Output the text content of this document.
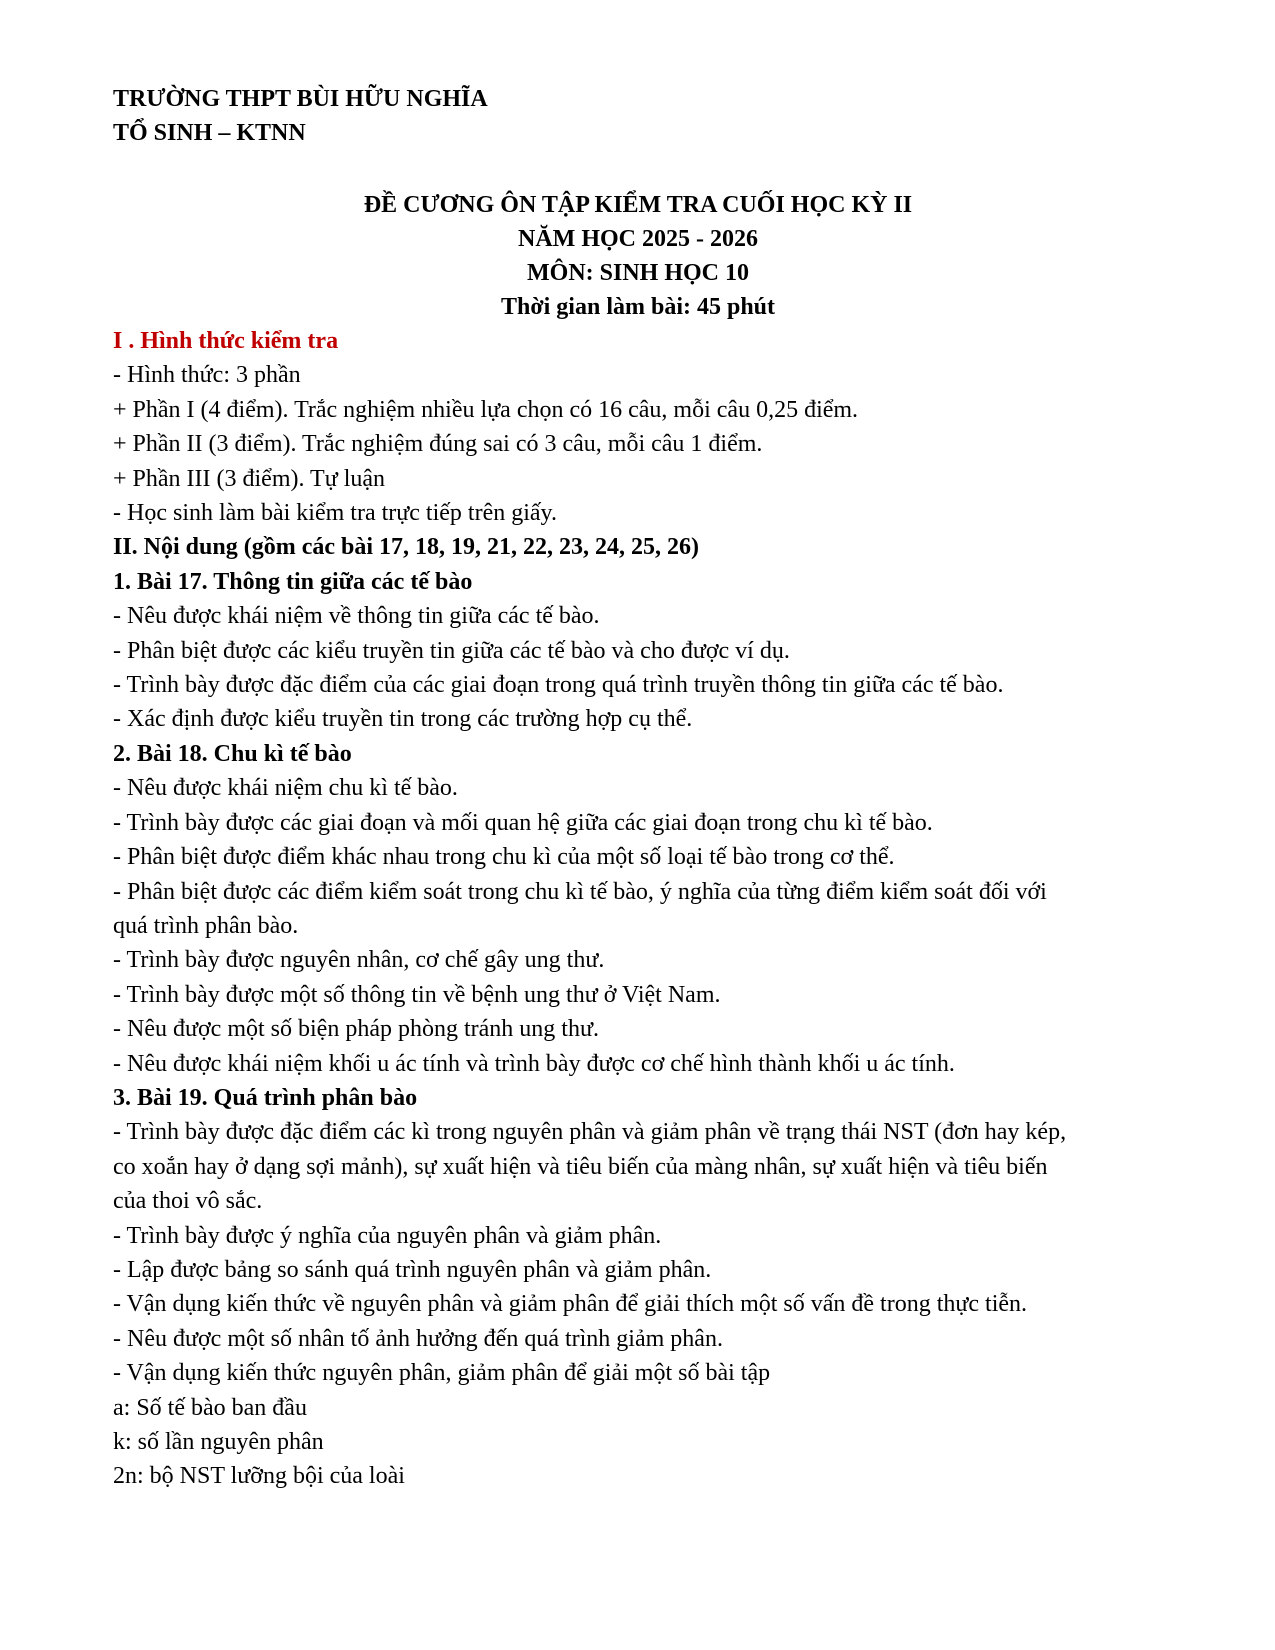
TRƯỜNG THPT BÙI HỮU NGHĨA

TỔ SINH – KTNN

ĐỀ CƯƠNG ÔN TẬP KIỂM TRA CUỐI HỌC KỲ II

NĂM HỌC 2025 - 2026

MÔN: SINH HỌC 10

Thời gian làm bài: 45 phút

I . Hình thức kiểm tra

- Hình thức: 3 phần

+ Phần I (4 điểm). Trắc nghiệm nhiều lựa chọn có 16 câu, mỗi câu 0,25 điểm.

+ Phần II (3 điểm). Trắc nghiệm đúng sai có 3 câu, mỗi câu 1 điểm.

+ Phần III (3 điểm). Tự luận

- Học sinh làm bài kiểm tra trực tiếp trên giấy.

II. Nội dung (gồm các bài 17, 18, 19, 21, 22, 23, 24, 25, 26)

1. Bài 17. Thông tin giữa các tế bào

- Nêu được khái niệm về thông tin giữa các tế bào.

- Phân biệt được các kiểu truyền tin giữa các tế bào và cho được ví dụ.

- Trình bày được đặc điểm của các giai đoạn trong quá trình truyền thông tin giữa các tế bào.

- Xác định được kiểu truyền tin trong các trường hợp cụ thể.

2. Bài 18. Chu kì tế bào

- Nêu được khái niệm chu kì tế bào.

- Trình bày được các giai đoạn và mối quan hệ giữa các giai đoạn trong chu kì tế bào.

- Phân biệt được điểm khác nhau trong chu kì của một số loại tế bào trong cơ thể.

- Phân biệt được các điểm kiểm soát trong chu kì tế bào, ý nghĩa của từng điểm kiểm soát đối với

quá trình phân bào.

- Trình bày được nguyên nhân, cơ chế gây ung thư.

- Trình bày được một số thông tin về bệnh ung thư ở Việt Nam.

- Nêu được một số biện pháp phòng tránh ung thư.

- Nêu được khái niệm khối u ác tính và trình bày được cơ chế hình thành khối u ác tính.

3. Bài 19. Quá trình phân bào

- Trình bày được đặc điểm các kì trong nguyên phân và giảm phân về trạng thái NST (đơn hay kép,

co xoắn hay ở dạng sợi mảnh), sự xuất hiện và tiêu biến của màng nhân, sự xuất hiện và tiêu biến

của thoi vô sắc.

- Trình bày được ý nghĩa của nguyên phân và giảm phân.

- Lập được bảng so sánh quá trình nguyên phân và giảm phân.

- Vận dụng kiến thức về nguyên phân và giảm phân để giải thích một số vấn đề trong thực tiễn.

- Nêu được một số nhân tố ảnh hưởng đến quá trình giảm phân.

- Vận dụng kiến thức nguyên phân, giảm phân để giải một số bài tập

a: Số tế bào ban đầu

k: số lần nguyên phân

2n: bộ NST lưỡng bội của loài
